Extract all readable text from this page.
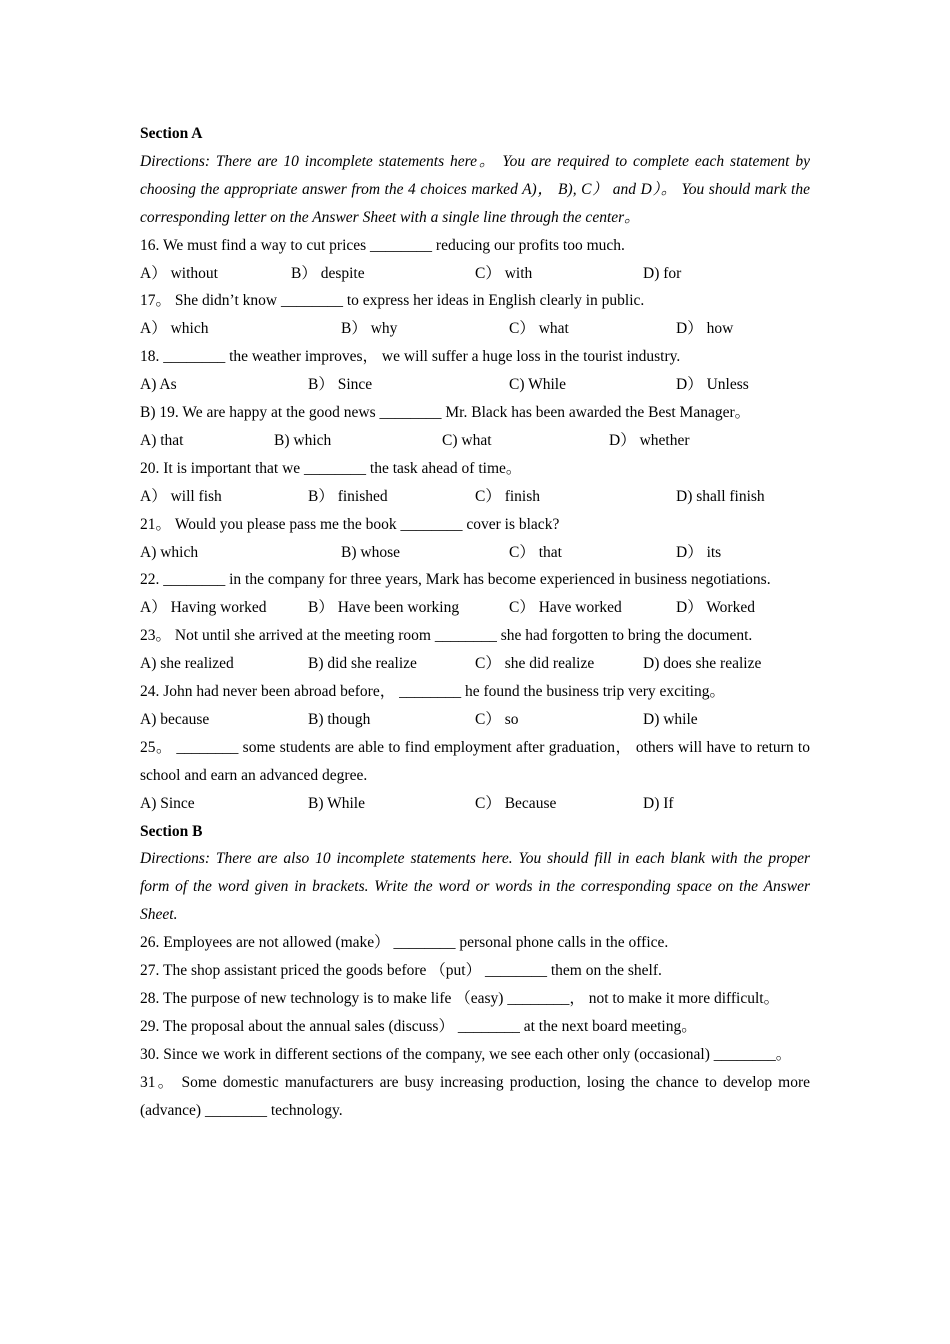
Section A
Directions: There are 10 incomplete statements here。 You are required to complete each statement by choosing the appropriate answer from the 4 choices marked A)， B), C） and D）。 You should mark the corresponding letter on the Answer Sheet with a single line through the center。
16. We must find a way to cut prices ________ reducing our profits too much.
A） without	B） despite	C） with	D) for
17。 She didn’t know ________ to express her ideas in English clearly in public.
A） which	B） why	C） what	D） how
18. ________ the weather improves， we will suffer a huge loss in the tourist industry.
A) As	B） Since	C) While	D） Unless
B) 19. We are happy at the good news ________ Mr. Black has been awarded the Best Manager。
A) that	B) which	C) what	D） whether
20. It is important that we ________ the task ahead of time。
A） will fish	B） finished	C） finish	D) shall finish
21。 Would you please pass me the book ________ cover is black?
A) which	B) whose	C） that	D） its
22. ________ in the company for three years, Mark has become experienced in business negotiations.
A） Having worked	B） Have been working	C） Have worked	D） Worked
23。 Not until she arrived at the meeting room ________ she had forgotten to bring the document.
A) she realized	B) did she realize	C） she did realize	D) does she realize
24. John had never been abroad before， ________ he found the business trip very exciting。
A) because	B) though	C） so	D) while
25。 ________ some students are able to find employment after graduation， others will have to return to school and earn an advanced degree.
A) Since	B) While	C） Because	D) If
Section B
Directions: There are also 10 incomplete statements here. You should fill in each blank with the proper form of the word given in brackets. Write the word or words in the corresponding space on the Answer Sheet.
26. Employees are not allowed (make） ________ personal phone calls in the office.
27. The shop assistant priced the goods before （put） ________ them on the shelf.
28. The purpose of new technology is to make life （easy) ________， not to make it more difficult。
29. The proposal about the annual sales (discuss） ________ at the next board meeting。
30. Since we work in different sections of the company, we see each other only (occasional) ________。
31。 Some domestic manufacturers are busy increasing production, losing the chance to develop more (advance) ________ technology.
